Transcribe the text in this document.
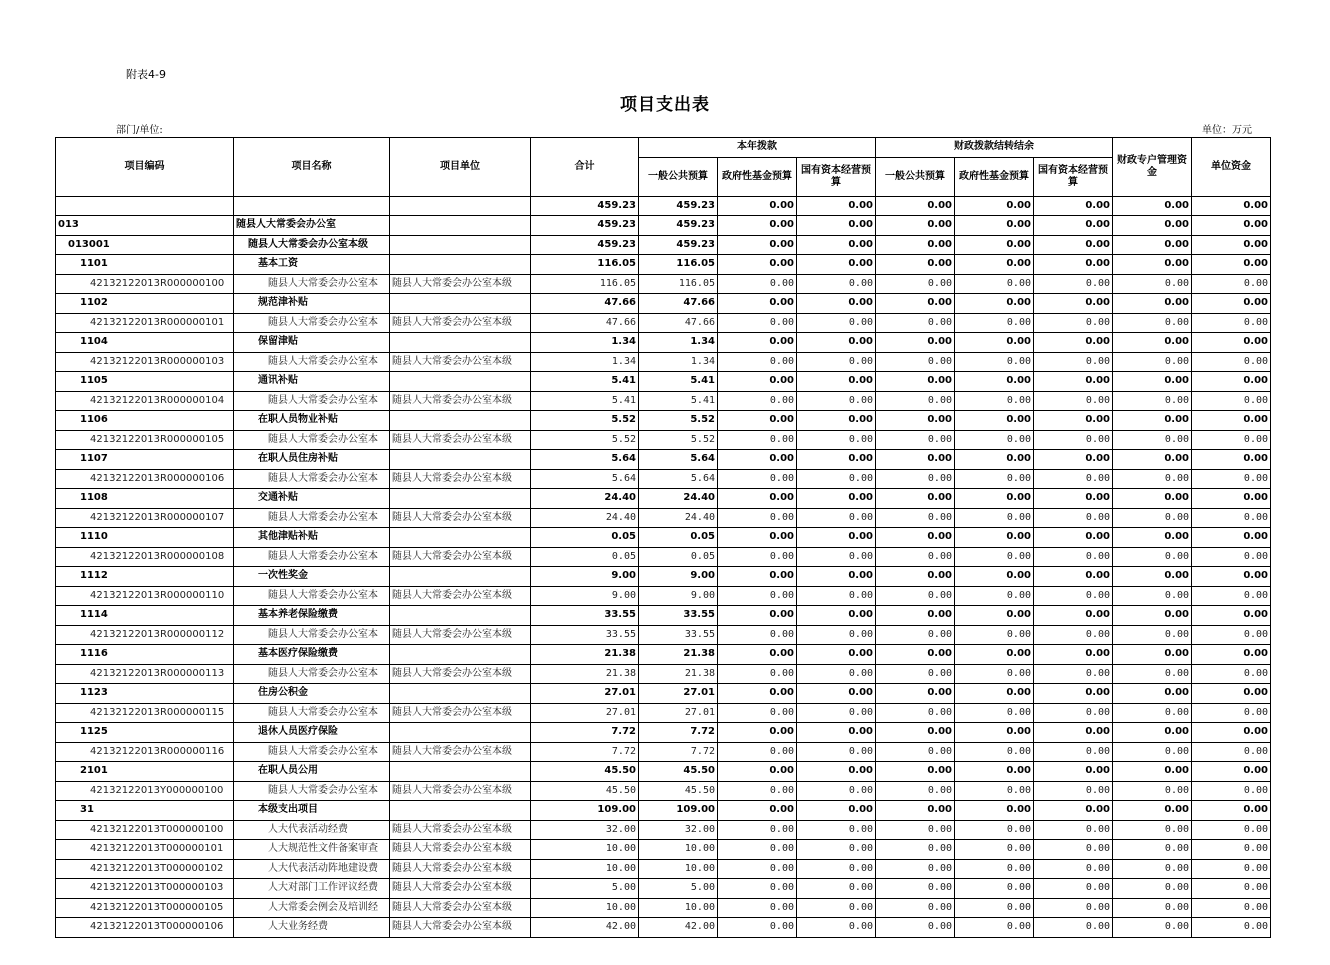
附表4-9
项目支出表
部门/单位:	单位：万元
项目编码	项目名称	项目单位	合计	本年拨款			财政拨款结转结余			财政专户管理资金	单位资金
				一般公共预算	政府性基金预算	国有资本经营预算	一般公共预算	政府性基金预算	国有资本经营预算		
			459.23	459.23	0.00	0.00	0.00	0.00	0.00	0.00	0.00
013	随县人大常委会办公室		459.23	459.23	0.00	0.00	0.00	0.00	0.00	0.00	0.00
013001	随县人大常委会办公室本级		459.23	459.23	0.00	0.00	0.00	0.00	0.00	0.00	0.00
1101	基本工资		116.05	116.05	0.00	0.00	0.00	0.00	0.00	0.00	0.00
42132122013R000000100	随县人大常委会办公室本	随县人大常委会办公室本级	116.05	116.05	0.00	0.00	0.00	0.00	0.00	0.00	0.00
1102	规范津补贴		47.66	47.66	0.00	0.00	0.00	0.00	0.00	0.00	0.00
42132122013R000000101	随县人大常委会办公室本	随县人大常委会办公室本级	47.66	47.66	0.00	0.00	0.00	0.00	0.00	0.00	0.00
1104	保留津贴		1.34	1.34	0.00	0.00	0.00	0.00	0.00	0.00	0.00
42132122013R000000103	随县人大常委会办公室本	随县人大常委会办公室本级	1.34	1.34	0.00	0.00	0.00	0.00	0.00	0.00	0.00
1105	通讯补贴		5.41	5.41	0.00	0.00	0.00	0.00	0.00	0.00	0.00
42132122013R000000104	随县人大常委会办公室本	随县人大常委会办公室本级	5.41	5.41	0.00	0.00	0.00	0.00	0.00	0.00	0.00
1106	在职人员物业补贴		5.52	5.52	0.00	0.00	0.00	0.00	0.00	0.00	0.00
42132122013R000000105	随县人大常委会办公室本	随县人大常委会办公室本级	5.52	5.52	0.00	0.00	0.00	0.00	0.00	0.00	0.00
1107	在职人员住房补贴		5.64	5.64	0.00	0.00	0.00	0.00	0.00	0.00	0.00
42132122013R000000106	随县人大常委会办公室本	随县人大常委会办公室本级	5.64	5.64	0.00	0.00	0.00	0.00	0.00	0.00	0.00
1108	交通补贴		24.40	24.40	0.00	0.00	0.00	0.00	0.00	0.00	0.00
42132122013R000000107	随县人大常委会办公室本	随县人大常委会办公室本级	24.40	24.40	0.00	0.00	0.00	0.00	0.00	0.00	0.00
1110	其他津贴补贴		0.05	0.05	0.00	0.00	0.00	0.00	0.00	0.00	0.00
42132122013R000000108	随县人大常委会办公室本	随县人大常委会办公室本级	0.05	0.05	0.00	0.00	0.00	0.00	0.00	0.00	0.00
1112	一次性奖金		9.00	9.00	0.00	0.00	0.00	0.00	0.00	0.00	0.00
42132122013R000000110	随县人大常委会办公室本	随县人大常委会办公室本级	9.00	9.00	0.00	0.00	0.00	0.00	0.00	0.00	0.00
1114	基本养老保险缴费		33.55	33.55	0.00	0.00	0.00	0.00	0.00	0.00	0.00
42132122013R000000112	随县人大常委会办公室本	随县人大常委会办公室本级	33.55	33.55	0.00	0.00	0.00	0.00	0.00	0.00	0.00
1116	基本医疗保险缴费		21.38	21.38	0.00	0.00	0.00	0.00	0.00	0.00	0.00
42132122013R000000113	随县人大常委会办公室本	随县人大常委会办公室本级	21.38	21.38	0.00	0.00	0.00	0.00	0.00	0.00	0.00
1123	住房公积金		27.01	27.01	0.00	0.00	0.00	0.00	0.00	0.00	0.00
42132122013R000000115	随县人大常委会办公室本	随县人大常委会办公室本级	27.01	27.01	0.00	0.00	0.00	0.00	0.00	0.00	0.00
1125	退休人员医疗保险		7.72	7.72	0.00	0.00	0.00	0.00	0.00	0.00	0.00
42132122013R000000116	随县人大常委会办公室本	随县人大常委会办公室本级	7.72	7.72	0.00	0.00	0.00	0.00	0.00	0.00	0.00
2101	在职人员公用		45.50	45.50	0.00	0.00	0.00	0.00	0.00	0.00	0.00
42132122013Y000000100	随县人大常委会办公室本	随县人大常委会办公室本级	45.50	45.50	0.00	0.00	0.00	0.00	0.00	0.00	0.00
31	本级支出项目		109.00	109.00	0.00	0.00	0.00	0.00	0.00	0.00	0.00
42132122013T000000100	人大代表活动经费	随县人大常委会办公室本级	32.00	32.00	0.00	0.00	0.00	0.00	0.00	0.00	0.00
42132122013T000000101	人大规范性文件备案审查	随县人大常委会办公室本级	10.00	10.00	0.00	0.00	0.00	0.00	0.00	0.00	0.00
42132122013T000000102	人大代表活动阵地建设费	随县人大常委会办公室本级	10.00	10.00	0.00	0.00	0.00	0.00	0.00	0.00	0.00
42132122013T000000103	人大对部门工作评议经费	随县人大常委会办公室本级	5.00	5.00	0.00	0.00	0.00	0.00	0.00	0.00	0.00
42132122013T000000105	人大常委会例会及培训经	随县人大常委会办公室本级	10.00	10.00	0.00	0.00	0.00	0.00	0.00	0.00	0.00
42132122013T000000106	人大业务经费	随县人大常委会办公室本级	42.00	42.00	0.00	0.00	0.00	0.00	0.00	0.00	0.00
